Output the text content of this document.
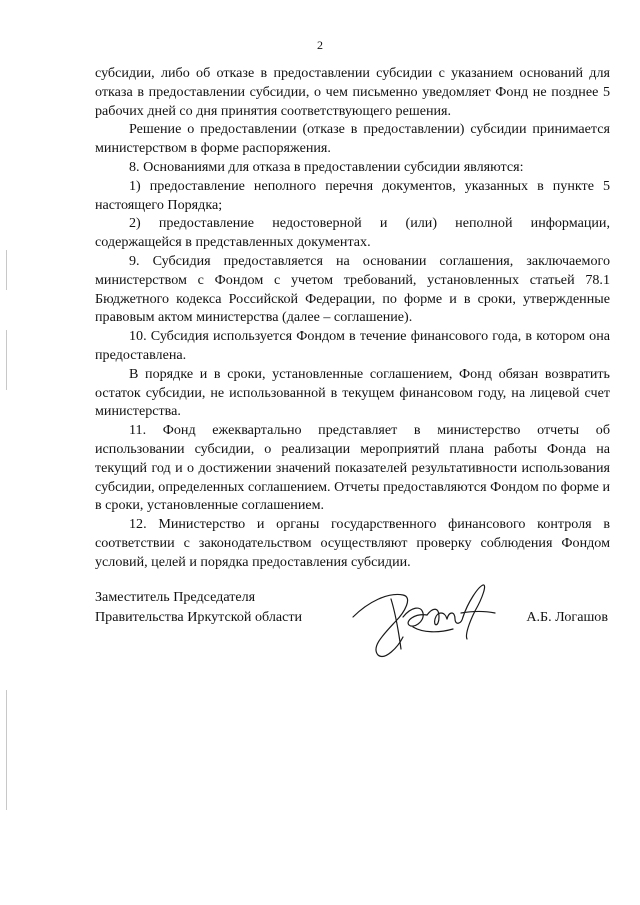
2

субсидии, либо об отказе в предоставлении субсидии с указанием оснований для отказа в предоставлении субсидии, о чем письменно уведомляет Фонд не позднее 5 рабочих дней со дня принятия соответствующего решения.

Решение о предоставлении (отказе в предоставлении) субсидии принимается министерством в форме распоряжения.

8. Основаниями для отказа в предоставлении субсидии являются:

1) предоставление неполного перечня документов, указанных в пункте 5 настоящего Порядка;

2) предоставление недостоверной и (или) неполной информации, содержащейся в представленных документах.

9. Субсидия предоставляется на основании соглашения, заключаемого министерством с Фондом с учетом требований, установленных статьей 78.1 Бюджетного кодекса Российской Федерации, по форме и в сроки, утвержденные правовым актом министерства (далее – соглашение).

10. Субсидия используется Фондом в течение финансового года, в котором она предоставлена.

В порядке и в сроки, установленные соглашением, Фонд обязан возвратить остаток субсидии, не использованной в текущем финансовом году, на лицевой счет министерства.

11. Фонд ежеквартально представляет в министерство отчеты об использовании субсидии, о реализации мероприятий плана работы Фонда на текущий год и о достижении значений показателей результативности использования субсидии, определенных соглашением. Отчеты предоставляются Фондом по форме и в сроки, установленные соглашением.

12. Министерство и органы государственного финансового контроля в соответствии с законодательством осуществляют проверку соблюдения Фондом условий, целей и порядка предоставления субсидии.

Заместитель Председателя
Правительства Иркутской области	А.Б. Логашов
